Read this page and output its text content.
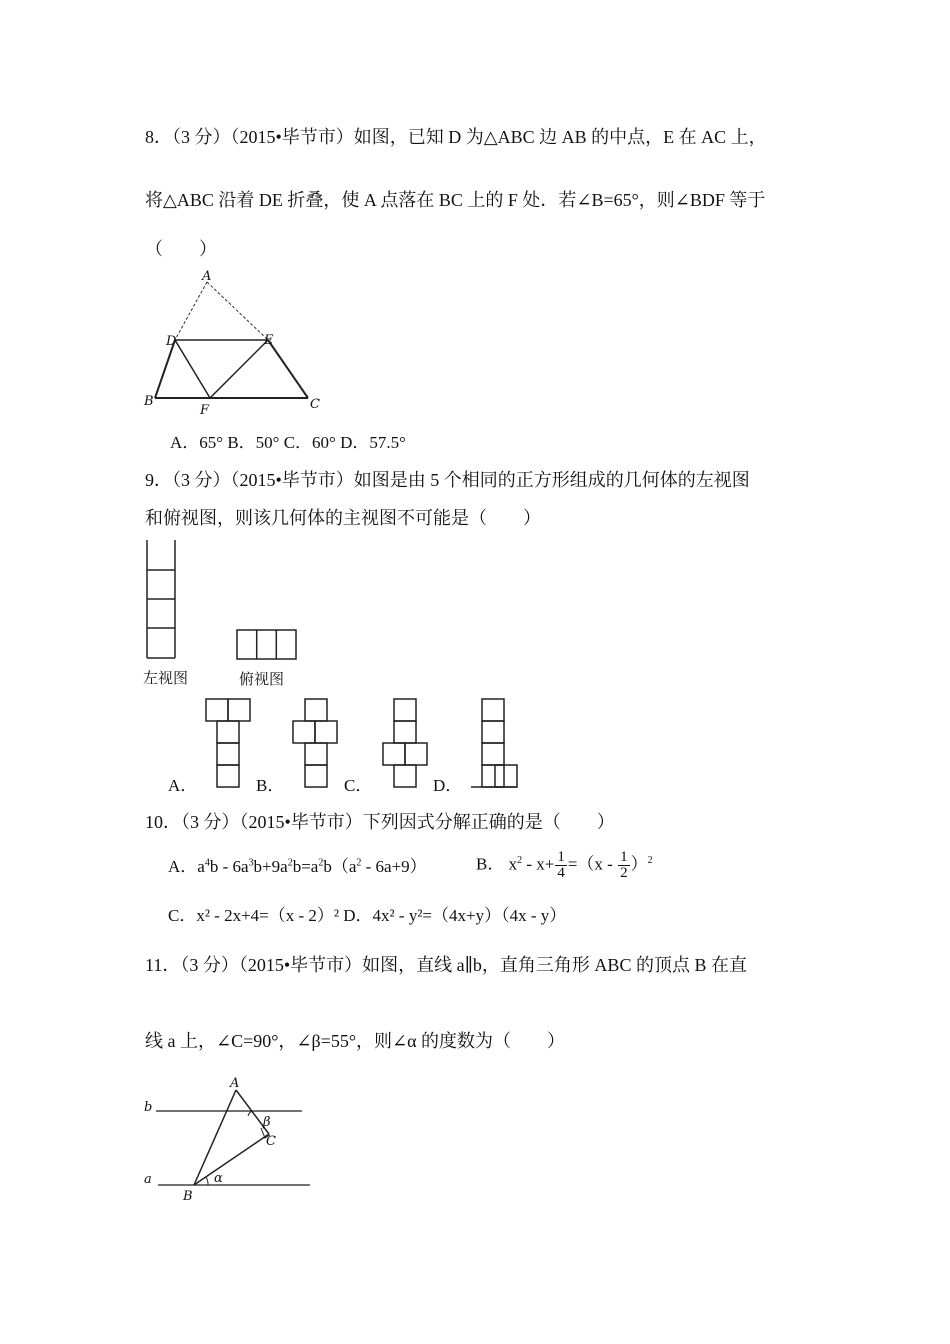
8．（3 分）（2015•毕节市）如图，已知 D 为△ABC 边 AB 的中点，E 在 AC 上，
将△ABC 沿着 DE 折叠，使 A 点落在 BC 上的 F 处．若∠B=65°，则∠BDF 等于
（　　）
A
D	E
B
F	C
A．65° B．50° C．60° D．57.5°
9．（3 分）（2015•毕节市）如图是由 5 个相同的正方形组成的几何体的左视图
和俯视图，则该几何体的主视图不可能是（　　）
左视图	俯视图
A．	B．	C．	D．
10．（3 分）（2015•毕节市）下列因式分解正确的是（　　）
A．$a^4b - 6a^3b+9a^2b=a^2b(a^2 - 6a+9)$	B． $x^2 - x+ \frac{1}{4} =(x - \frac{1}{2} )^2$
C．x² - 2x+4=（x - 2）² D．4x² - y²=（4x+y）（4x - y）
11．（3 分）（2015•毕节市）如图，直线 a∥b，直角三角形 ABC 的顶点 B 在直
线 a 上，∠C=90°，∠β=55°，则∠α 的度数为（　　）
A
b
a
B
C
α
β
